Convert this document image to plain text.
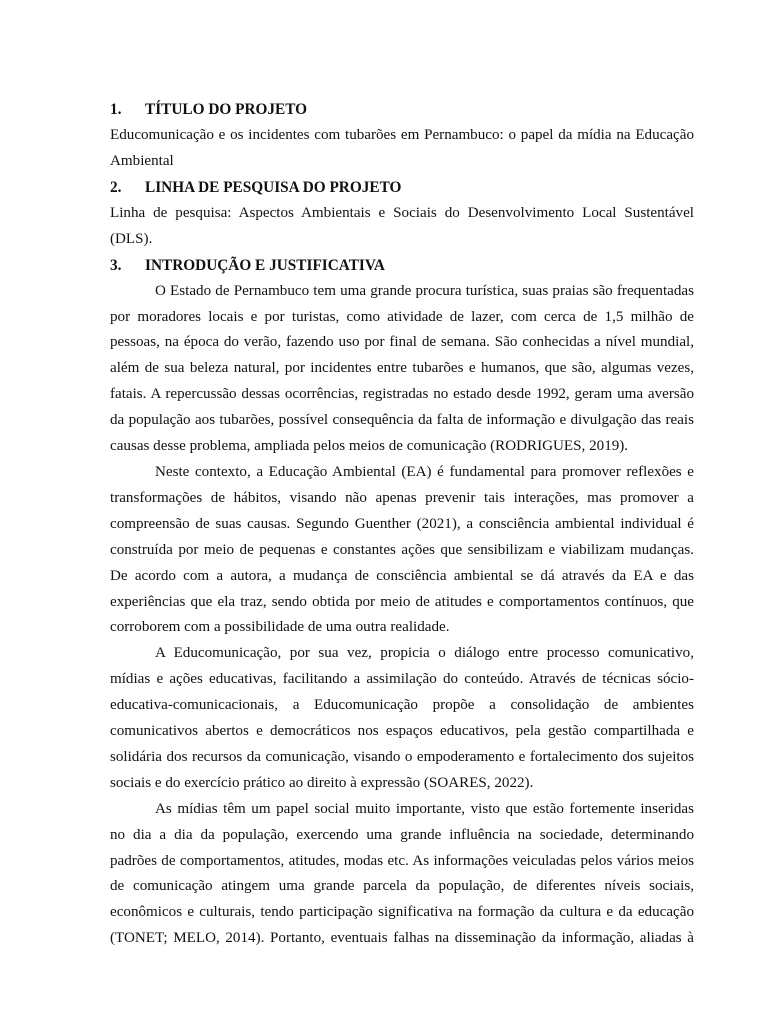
1.	TÍTULO DO PROJETO

Educomunicação e os incidentes com tubarões em Pernambuco: o papel da mídia na Educação
Ambiental

2.	LINHA DE PESQUISA DO PROJETO

Linha de pesquisa: Aspectos Ambientais e Sociais do Desenvolvimento Local Sustentável
(DLS).

3.	INTRODUÇÃO E JUSTIFICATIVA

O Estado de Pernambuco tem uma grande procura turística, suas praias são frequentadas
por moradores locais e por turistas, como atividade de lazer, com cerca de 1,5 milhão de
pessoas, na época do verão, fazendo uso por final de semana. São conhecidas a nível mundial,
além de sua beleza natural, por incidentes entre tubarões e humanos, que são, algumas vezes,
fatais. A repercussão dessas ocorrências, registradas no estado desde 1992, geram uma aversão
da população aos tubarões, possível consequência da falta de informação e divulgação das reais
causas desse problema, ampliada pelos meios de comunicação (RODRIGUES, 2019).

Neste contexto, a Educação Ambiental (EA) é fundamental para promover reflexões e
transformações de hábitos, visando não apenas prevenir tais interações, mas promover a
compreensão de suas causas. Segundo Guenther (2021), a consciência ambiental individual é
construída por meio de pequenas e constantes ações que sensibilizam e viabilizam mudanças.
De acordo com a autora, a mudança de consciência ambiental se dá através da EA e das
experiências que ela traz, sendo obtida por meio de atitudes e comportamentos contínuos, que
corroborem com a possibilidade de uma outra realidade.

A Educomunicação, por sua vez, propicia o diálogo entre processo comunicativo,
mídias e ações educativas, facilitando a assimilação do conteúdo. Através de técnicas sócio-
educativa-comunicacionais, a Educomunicação propõe a consolidação de ambientes
comunicativos abertos e democráticos nos espaços educativos, pela gestão compartilhada e
solidária dos recursos da comunicação, visando o empoderamento e fortalecimento dos sujeitos
sociais e do exercício prático ao direito à expressão (SOARES, 2022).

As mídias têm um papel social muito importante, visto que estão fortemente inseridas
no dia a dia da população, exercendo uma grande influência na sociedade, determinando
padrões de comportamentos, atitudes, modas etc. As informações veiculadas pelos vários meios
de comunicação atingem uma grande parcela da população, de diferentes níveis sociais,
econômicos e culturais, tendo participação significativa na formação da cultura e da educação
(TONET; MELO, 2014). Portanto, eventuais falhas na disseminação da informação, aliadas à
